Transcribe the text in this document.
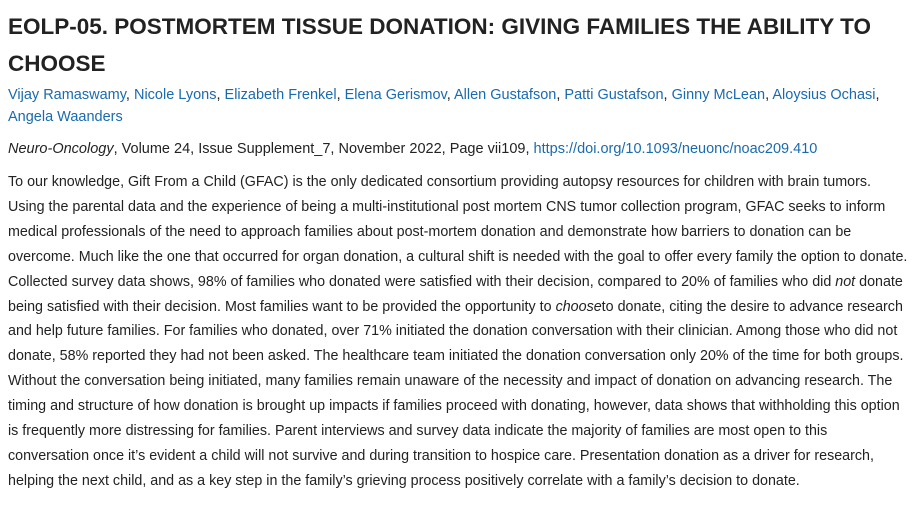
EOLP-05. POSTMORTEM TISSUE DONATION: GIVING FAMILIES THE ABILITY TO CHOOSE
Vijay Ramaswamy, Nicole Lyons, Elizabeth Frenkel, Elena Gerismov, Allen Gustafson, Patti Gustafson, Ginny McLean, Aloysius Ochasi, Angela Waanders
Neuro-Oncology, Volume 24, Issue Supplement_7, November 2022, Page vii109, https://doi.org/10.1093/neuonc/noac209.410
To our knowledge, Gift From a Child (GFAC) is the only dedicated consortium providing autopsy resources for children with brain tumors. Using the parental data and the experience of being a multi-institutional post mortem CNS tumor collection program, GFAC seeks to inform medical professionals of the need to approach families about post-mortem donation and demonstrate how barriers to donation can be overcome. Much like the one that occurred for organ donation, a cultural shift is needed with the goal to offer every family the option to donate. Collected survey data shows, 98% of families who donated were satisfied with their decision, compared to 20% of families who did not donate being satisfied with their decision. Most families want to be provided the opportunity to chooseto donate, citing the desire to advance research and help future families. For families who donated, over 71% initiated the donation conversation with their clinician. Among those who did not donate, 58% reported they had not been asked. The healthcare team initiated the donation conversation only 20% of the time for both groups. Without the conversation being initiated, many families remain unaware of the necessity and impact of donation on advancing research. The timing and structure of how donation is brought up impacts if families proceed with donating, however, data shows that withholding this option is frequently more distressing for families. Parent interviews and survey data indicate the majority of families are most open to this conversation once it’s evident a child will not survive and during transition to hospice care. Presentation donation as a driver for research, helping the next child, and as a key step in the family’s grieving process positively correlate with a family’s decision to donate.
